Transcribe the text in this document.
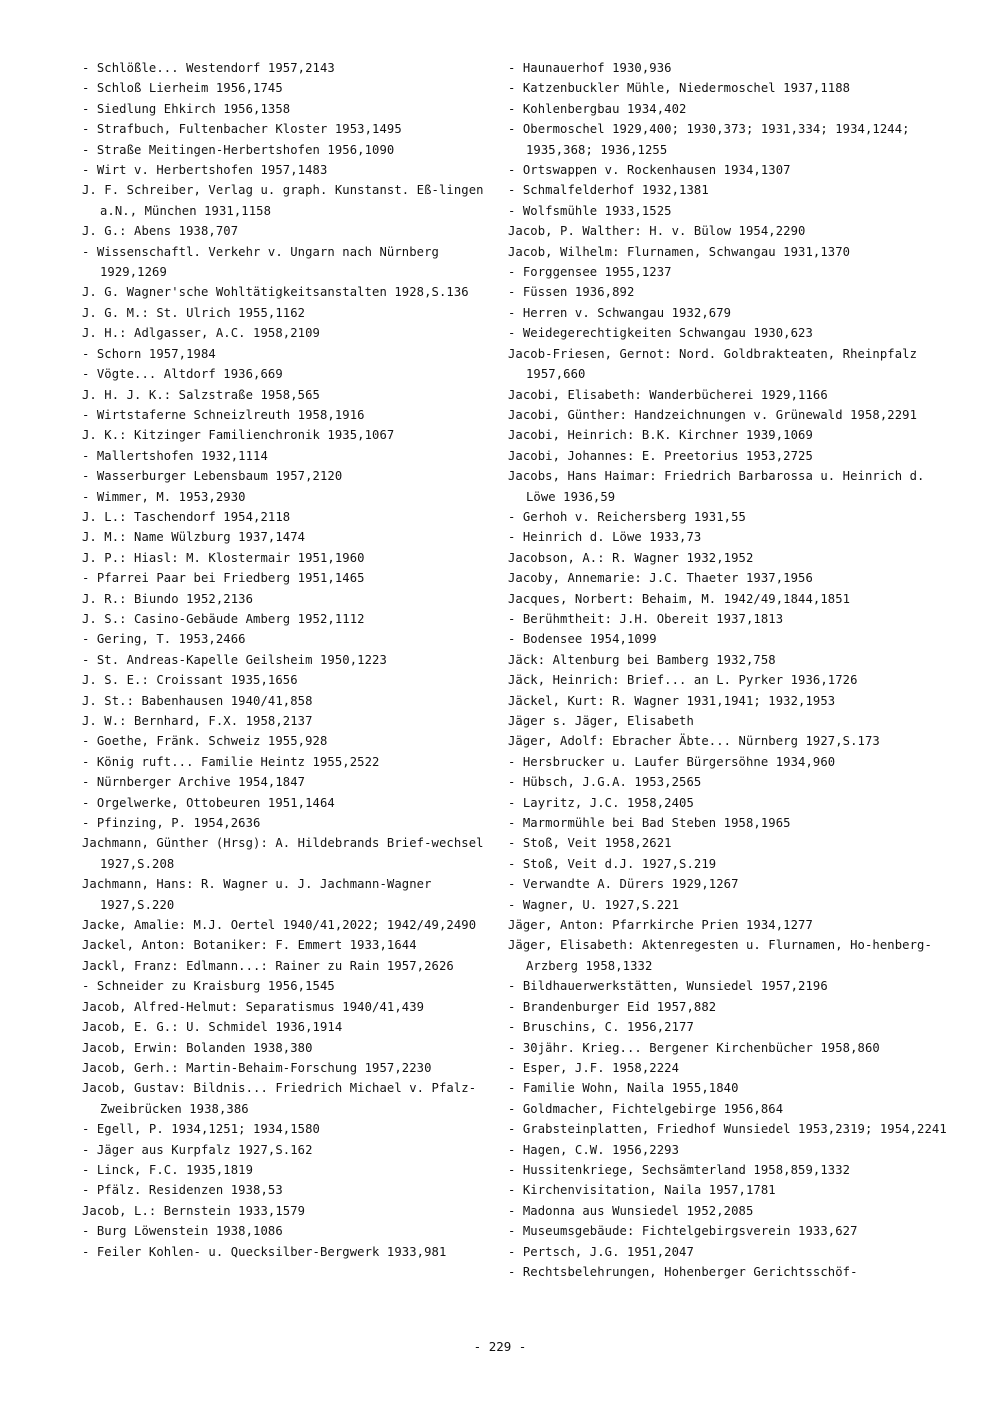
- Schlößle... Westendorf 1957,2143
- Schloß Lierheim 1956,1745
- Siedlung Ehkirch 1956,1358
- Strafbuch, Fultenbacher Kloster 1953,1495
- Straße Meitingen-Herbertshofen 1956,1090
- Wirt v. Herbertshofen 1957,1483
J. F. Schreiber, Verlag u. graph. Kunstanst. Eß-lingen a.N., München 1931,1158
J. G.: Abens 1938,707
- Wissenschaftl. Verkehr v. Ungarn nach Nürnberg 1929,1269
J. G. Wagner'sche Wohltätigkeitsanstalten 1928,S.136
J. G. M.: St. Ulrich 1955,1162
J. H.: Adlgasser, A.C. 1958,2109
- Schorn 1957,1984
- Vögte... Altdorf 1936,669
J. H. J. K.: Salzstraße 1958,565
- Wirtstaferne Schneizlreuth 1958,1916
J. K.: Kitzinger Familienchronik 1935,1067
- Mallertshofen 1932,1114
- Wasserburger Lebensbaum 1957,2120
- Wimmer, M. 1953,2930
J. L.: Taschendorf 1954,2118
J. M.: Name Wülzburg 1937,1474
J. P.: Hiasl: M. Klostermair 1951,1960
- Pfarrei Paar bei Friedberg 1951,1465
J. R.: Biundo 1952,2136
J. S.: Casino-Gebäude Amberg 1952,1112
- Gering, T. 1953,2466
- St. Andreas-Kapelle Geilsheim 1950,1223
J. S. E.: Croissant 1935,1656
J. St.: Babenhausen 1940/41,858
J. W.: Bernhard, F.X. 1958,2137
- Goethe, Fränk. Schweiz 1955,928
- König ruft... Familie Heintz 1955,2522
- Nürnberger Archive 1954,1847
- Orgelwerke, Ottobeuren 1951,1464
- Pfinzing, P. 1954,2636
Jachmann, Günther (Hrsg): A. Hildebrands Brief-wechsel 1927,S.208
Jachmann, Hans: R. Wagner u. J. Jachmann-Wagner 1927,S.220
Jacke, Amalie: M.J. Oertel 1940/41,2022; 1942/49,2490
Jackel, Anton: Botaniker: F. Emmert 1933,1644
Jackl, Franz: Edlmann...: Rainer zu Rain 1957,2626
- Schneider zu Kraisburg 1956,1545
Jacob, Alfred-Helmut: Separatismus 1940/41,439
Jacob, E. G.: U. Schmidel 1936,1914
Jacob, Erwin: Bolanden 1938,380
Jacob, Gerh.: Martin-Behaim-Forschung 1957,2230
Jacob, Gustav: Bildnis... Friedrich Michael v. Pfalz-Zweibrücken 1938,386
- Egell, P. 1934,1251; 1934,1580
- Jäger aus Kurpfalz 1927,S.162
- Linck, F.C. 1935,1819
- Pfälz. Residenzen 1938,53
Jacob, L.: Bernstein 1933,1579
- Burg Löwenstein 1938,1086
- Feiler Kohlen- u. Quecksilber-Bergwerk 1933,981
- Haunauerhof 1930,936
- Katzenbuckler Mühle, Niedermoschel 1937,1188
- Kohlenbergbau 1934,402
- Obermoschel 1929,400; 1930,373; 1931,334; 1934,1244; 1935,368; 1936,1255
- Ortswappen v. Rockenhausen 1934,1307
- Schmalfelderhof 1932,1381
- Wolfsmühle 1933,1525
Jacob, P. Walther: H. v. Bülow 1954,2290
Jacob, Wilhelm: Flurnamen, Schwangau 1931,1370
- Forggensee 1955,1237
- Füssen 1936,892
- Herren v. Schwangau 1932,679
- Weidegerechtigkeiten Schwangau 1930,623
Jacob-Friesen, Gernot: Nord. Goldbrakteaten, Rheinpfalz 1957,660
Jacobi, Elisabeth: Wanderbücherei 1929,1166
Jacobi, Günther: Handzeichnungen v. Grünewald 1958,2291
Jacobi, Heinrich: B.K. Kirchner 1939,1069
Jacobi, Johannes: E. Preetorius 1953,2725
Jacobs, Hans Haimar: Friedrich Barbarossa u. Heinrich d. Löwe 1936,59
- Gerhoh v. Reichersberg 1931,55
- Heinrich d. Löwe 1933,73
Jacobson, A.: R. Wagner 1932,1952
Jacoby, Annemarie: J.C. Thaeter 1937,1956
Jacques, Norbert: Behaim, M. 1942/49,1844,1851
- Berühmtheit: J.H. Obereit 1937,1813
- Bodensee 1954,1099
Jäck: Altenburg bei Bamberg 1932,758
Jäck, Heinrich: Brief... an L. Pyrker 1936,1726
Jäckel, Kurt: R. Wagner 1931,1941; 1932,1953
Jäger s. Jäger, Elisabeth
Jäger, Adolf: Ebracher Äbte... Nürnberg 1927,S.173
- Hersbrucker u. Laufer Bürgersöhne 1934,960
- Hübsch, J.G.A. 1953,2565
- Layritz, J.C. 1958,2405
- Marmormühle bei Bad Steben 1958,1965
- Stoß, Veit 1958,2621
- Stoß, Veit d.J. 1927,S.219
- Verwandte A. Dürers 1929,1267
- Wagner, U. 1927,S.221
Jäger, Anton: Pfarrkirche Prien 1934,1277
Jäger, Elisabeth: Aktenregesten u. Flurnamen, Ho-henberg-Arzberg 1958,1332
- Bildhauerwerkstätten, Wunsiedel 1957,2196
- Brandenburger Eid 1957,882
- Bruschins, C. 1956,2177
- 30jähr. Krieg... Bergener Kirchenbücher 1958,860
- Esper, J.F. 1958,2224
- Familie Wohn, Naila 1955,1840
- Goldmacher, Fichtelgebirge 1956,864
- Grabsteinplatten, Friedhof Wunsiedel 1953,2319; 1954,2241
- Hagen, C.W. 1956,2293
- Hussitenkriege, Sechsämterland 1958,859,1332
- Kirchenvisitation, Naila 1957,1781
- Madonna aus Wunsiedel 1952,2085
- Museumsgebäude: Fichtelgebirgsverein 1933,627
- Pertsch, J.G. 1951,2047
- Rechtsbelehrungen, Hohenberger Gerichtsschöf-
- 229 -
